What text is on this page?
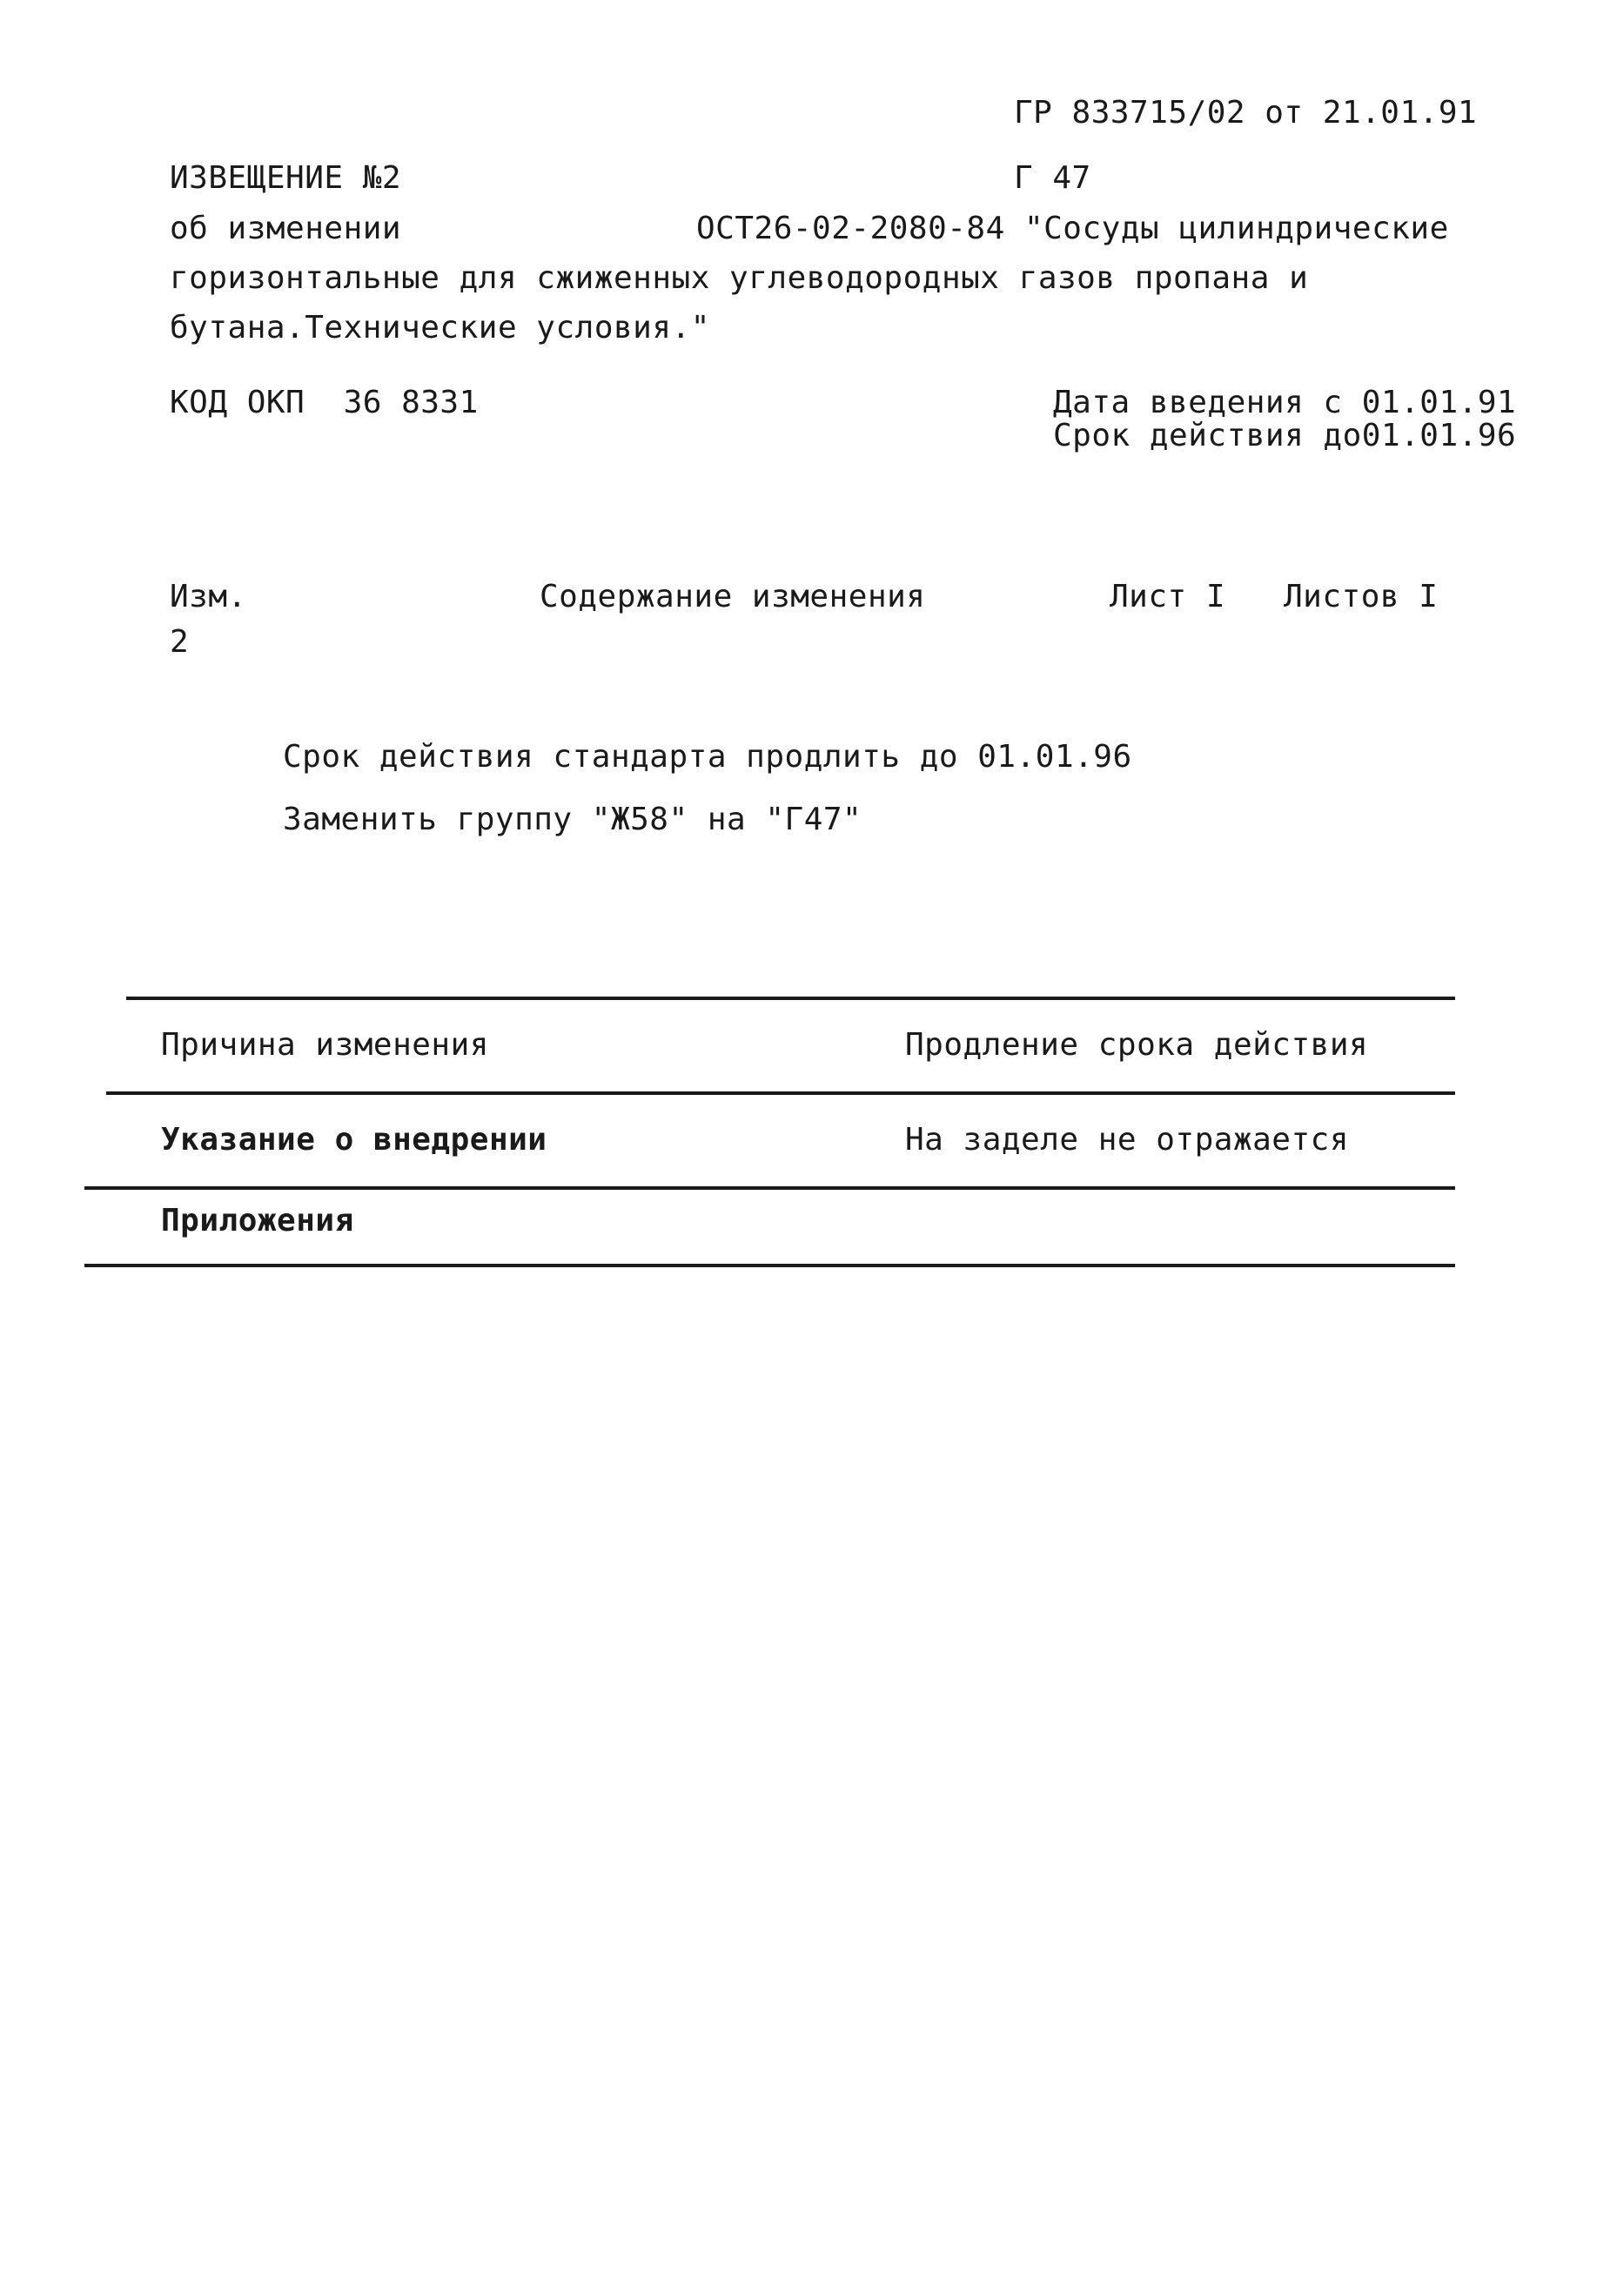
ГР 833715/02 от 21.01.91
ИЗВЕЩЕНИЕ №2	Г 47
об изменении	ОСТ26-02-2080-84 "Сосуды цилиндрические
горизонтальные для сжиженных углеводородных газов пропана и
бутана.Технические условия."
КОД ОКП  36 8331	Дата введения с 01.01.91
Срок действия до01.01.96
Изм.
2
Содержание изменения	Лист I Листов I
Срок действия стандарта продлить до 01.01.96
Заменить группу "Ж58" на "Г47"
Причина изменения	Продление срока действия
Указание о внедрении	На заделе не отражается
Приложения
